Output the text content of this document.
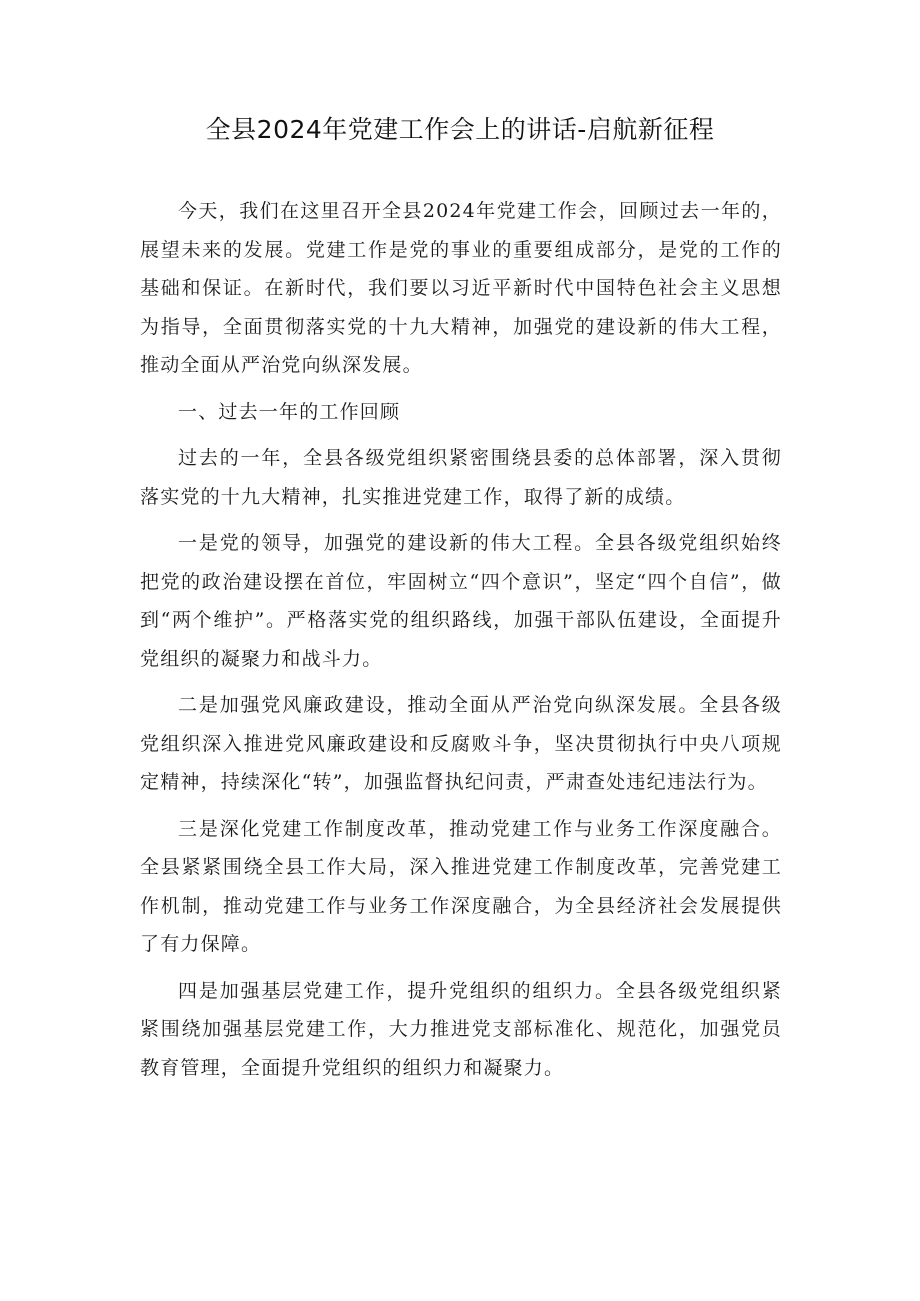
全县2024年党建工作会上的讲话-启航新征程

今天，我们在这里召开全县2024年党建工作会，回顾过去一年的，展望未来的发展。党建工作是党的事业的重要组成部分，是党的工作的基础和保证。在新时代，我们要以习近平新时代中国特色社会主义思想为指导，全面贯彻落实党的十九大精神，加强党的建设新的伟大工程，推动全面从严治党向纵深发展。

一、过去一年的工作回顾

过去的一年，全县各级党组织紧密围绕县委的总体部署，深入贯彻落实党的十九大精神，扎实推进党建工作，取得了新的成绩。

一是党的领导，加强党的建设新的伟大工程。全县各级党组织始终把党的政治建设摆在首位，牢固树立“四个意识”，坚定“四个自信”，做到“两个维护”。严格落实党的组织路线，加强干部队伍建设，全面提升党组织的凝聚力和战斗力。

二是加强党风廉政建设，推动全面从严治党向纵深发展。全县各级党组织深入推进党风廉政建设和反腐败斗争，坚决贯彻执行中央八项规定精神，持续深化“转”，加强监督执纪问责，严肃查处违纪违法行为。

三是深化党建工作制度改革，推动党建工作与业务工作深度融合。全县紧紧围绕全县工作大局，深入推进党建工作制度改革，完善党建工作机制，推动党建工作与业务工作深度融合，为全县经济社会发展提供了有力保障。

四是加强基层党建工作，提升党组织的组织力。全县各级党组织紧紧围绕加强基层党建工作，大力推进党支部标准化、规范化，加强党员教育管理，全面提升党组织的组织力和凝聚力。
